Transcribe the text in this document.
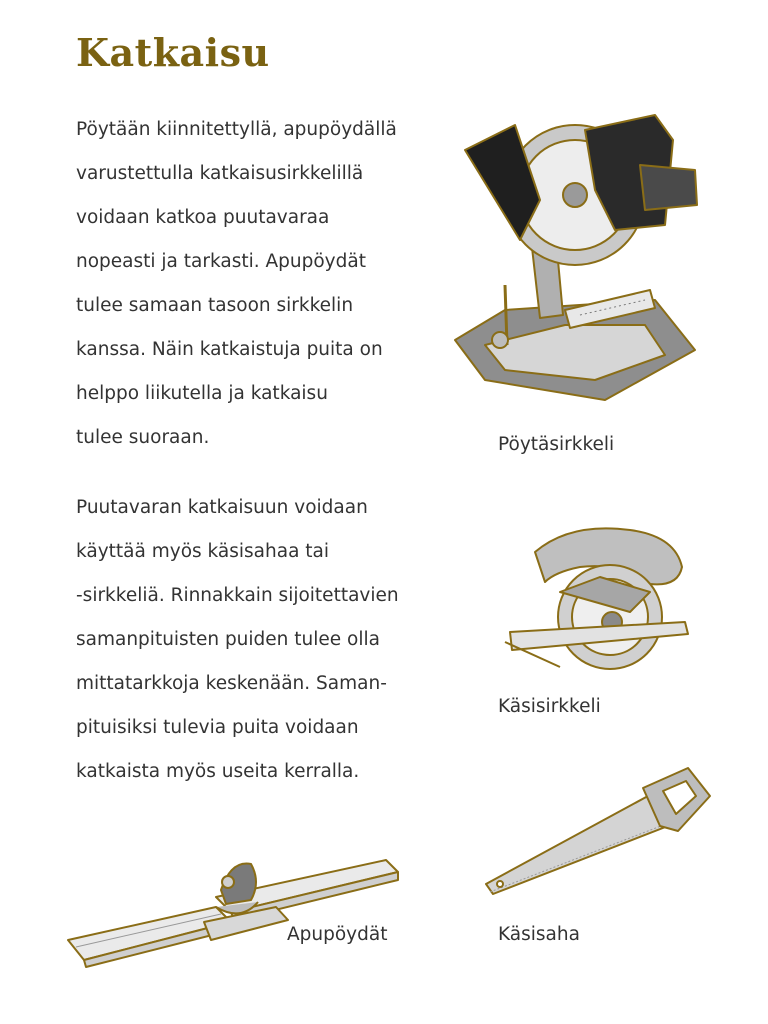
Katkaisu
Pöytään kiinnitettyllä, apupöydällä
varustettulla katkaisusirkkelillä
voidaan katkoa puutavaraa
nopeasti ja tarkasti. Apupöydät
tulee samaan tasoon sirkkelin
kanssa. Näin katkaistuja puita on
helppo liikutella ja katkaisu
tulee suoraan.
Puutavaran katkaisuun voidaan
käyttää myös käsisahaa tai
-sirkkeliä. Rinnakkain sijoitettavien
samanpituisten puiden tulee olla
mittatarkkoja keskenään. Saman-
pituisiksi tulevia puita voidaan
katkaista myös useita kerralla.

Pöytäsirkkeli

Käsisirkkeli

Käsisaha

Apupöydät
